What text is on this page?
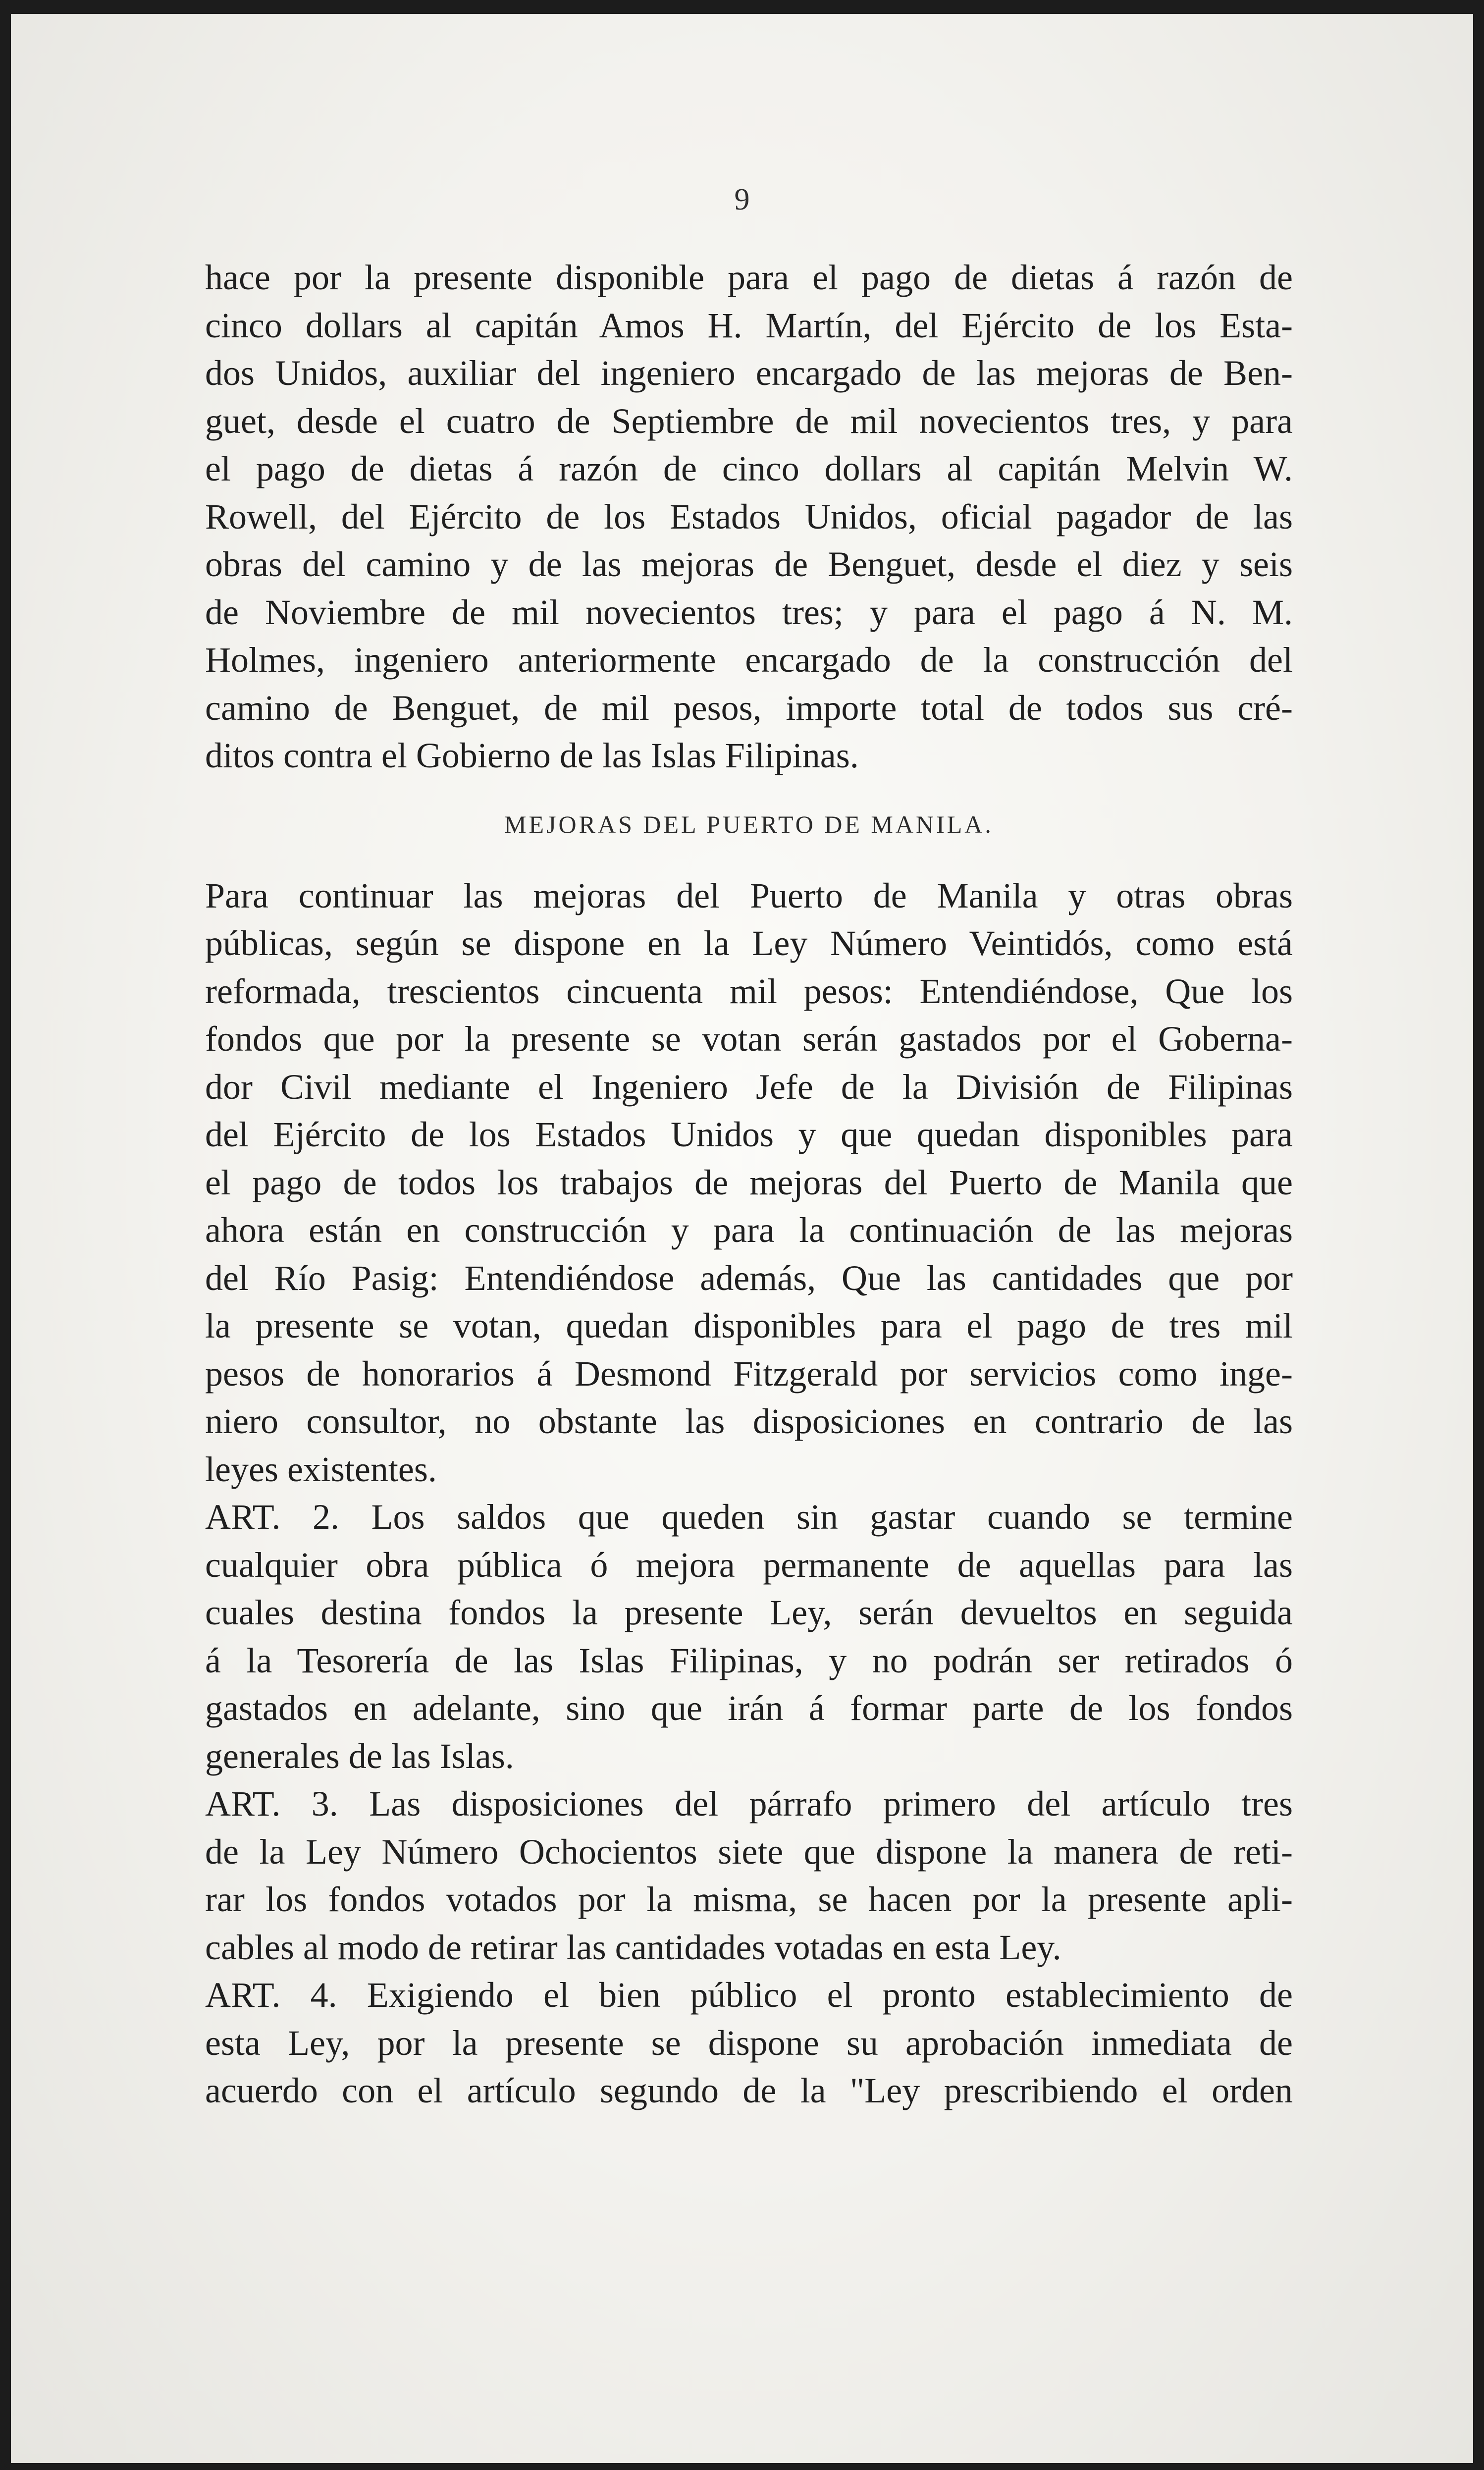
9
hace por la presente disponible para el pago de dietas á razón de
cinco dollars al capitán Amos H. Martín, del Ejército de los Esta-
dos Unidos, auxiliar del ingeniero encargado de las mejoras de Ben-
guet, desde el cuatro de Septiembre de mil novecientos tres, y para
el pago de dietas á razón de cinco dollars al capitán Melvin W.
Rowell, del Ejército de los Estados Unidos, oficial pagador de las
obras del camino y de las mejoras de Benguet, desde el diez y seis
de Noviembre de mil novecientos tres; y para el pago á N. M.
Holmes, ingeniero anteriormente encargado de la construcción del
camino de Benguet, de mil pesos, importe total de todos sus cré-
ditos contra el Gobierno de las Islas Filipinas.
MEJORAS DEL PUERTO DE MANILA.
Para continuar las mejoras del Puerto de Manila y otras obras
públicas, según se dispone en la Ley Número Veintidós, como está
reformada, trescientos cincuenta mil pesos: Entendiéndose, Que los
fondos que por la presente se votan serán gastados por el Goberna-
dor Civil mediante el Ingeniero Jefe de la División de Filipinas
del Ejército de los Estados Unidos y que quedan disponibles para
el pago de todos los trabajos de mejoras del Puerto de Manila que
ahora están en construcción y para la continuación de las mejoras
del Río Pasig: Entendiéndose además, Que las cantidades que por
la presente se votan, quedan disponibles para el pago de tres mil
pesos de honorarios á Desmond Fitzgerald por servicios como inge-
niero consultor, no obstante las disposiciones en contrario de las
leyes existentes.
ART. 2. Los saldos que queden sin gastar cuando se termine
cualquier obra pública ó mejora permanente de aquellas para las
cuales destina fondos la presente Ley, serán devueltos en seguida
á la Tesorería de las Islas Filipinas, y no podrán ser retirados ó
gastados en adelante, sino que irán á formar parte de los fondos
generales de las Islas.
ART. 3. Las disposiciones del párrafo primero del artículo tres
de la Ley Número Ochocientos siete que dispone la manera de reti-
rar los fondos votados por la misma, se hacen por la presente apli-
cables al modo de retirar las cantidades votadas en esta Ley.
ART. 4. Exigiendo el bien público el pronto establecimiento de
esta Ley, por la presente se dispone su aprobación inmediata de
acuerdo con el artículo segundo de la "Ley prescribiendo el orden
